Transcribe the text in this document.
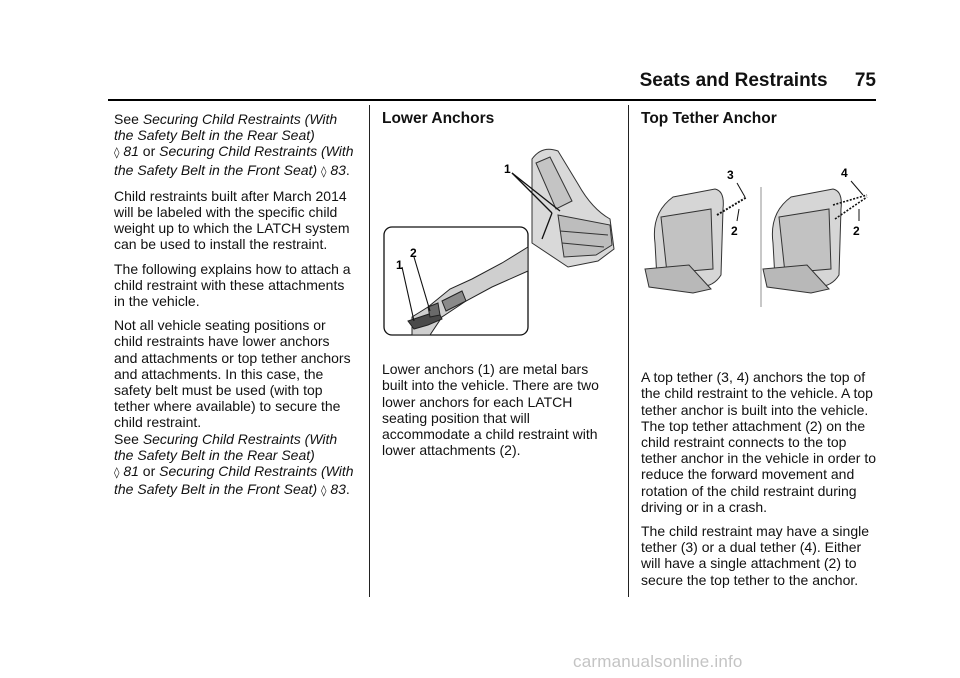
Seats and Restraints 75

See Securing Child Restraints (With the Safety Belt in the Rear Seat)
◊ 81 or Securing Child Restraints (With the Safety Belt in the Front Seat) ◊ 83.

Child restraints built after March 2014 will be labeled with the specific child weight up to which the LATCH system can be used to install the restraint.

The following explains how to attach a child restraint with these attachments in the vehicle.

Not all vehicle seating positions or child restraints have lower anchors and attachments or top tether anchors and attachments. In this case, the safety belt must be used (with top tether where available) to secure the child restraint.

See Securing Child Restraints (With the Safety Belt in the Rear Seat)
◊ 81 or Securing Child Restraints (With the Safety Belt in the Front Seat) ◊ 83.

Lower Anchors
1
1
2

Lower anchors (1) are metal bars built into the vehicle. There are two lower anchors for each LATCH seating position that will accommodate a child restraint with lower attachments (2).

Top Tether Anchor
3
2
4
2

A top tether (3, 4) anchors the top of the child restraint to the vehicle. A top tether anchor is built into the vehicle. The top tether attachment (2) on the child restraint connects to the top tether anchor in the vehicle in order to reduce the forward movement and rotation of the child restraint during driving or in a crash.

The child restraint may have a single tether (3) or a dual tether (4). Either will have a single attachment (2) to secure the top tether to the anchor.

carmanualsonline.info
